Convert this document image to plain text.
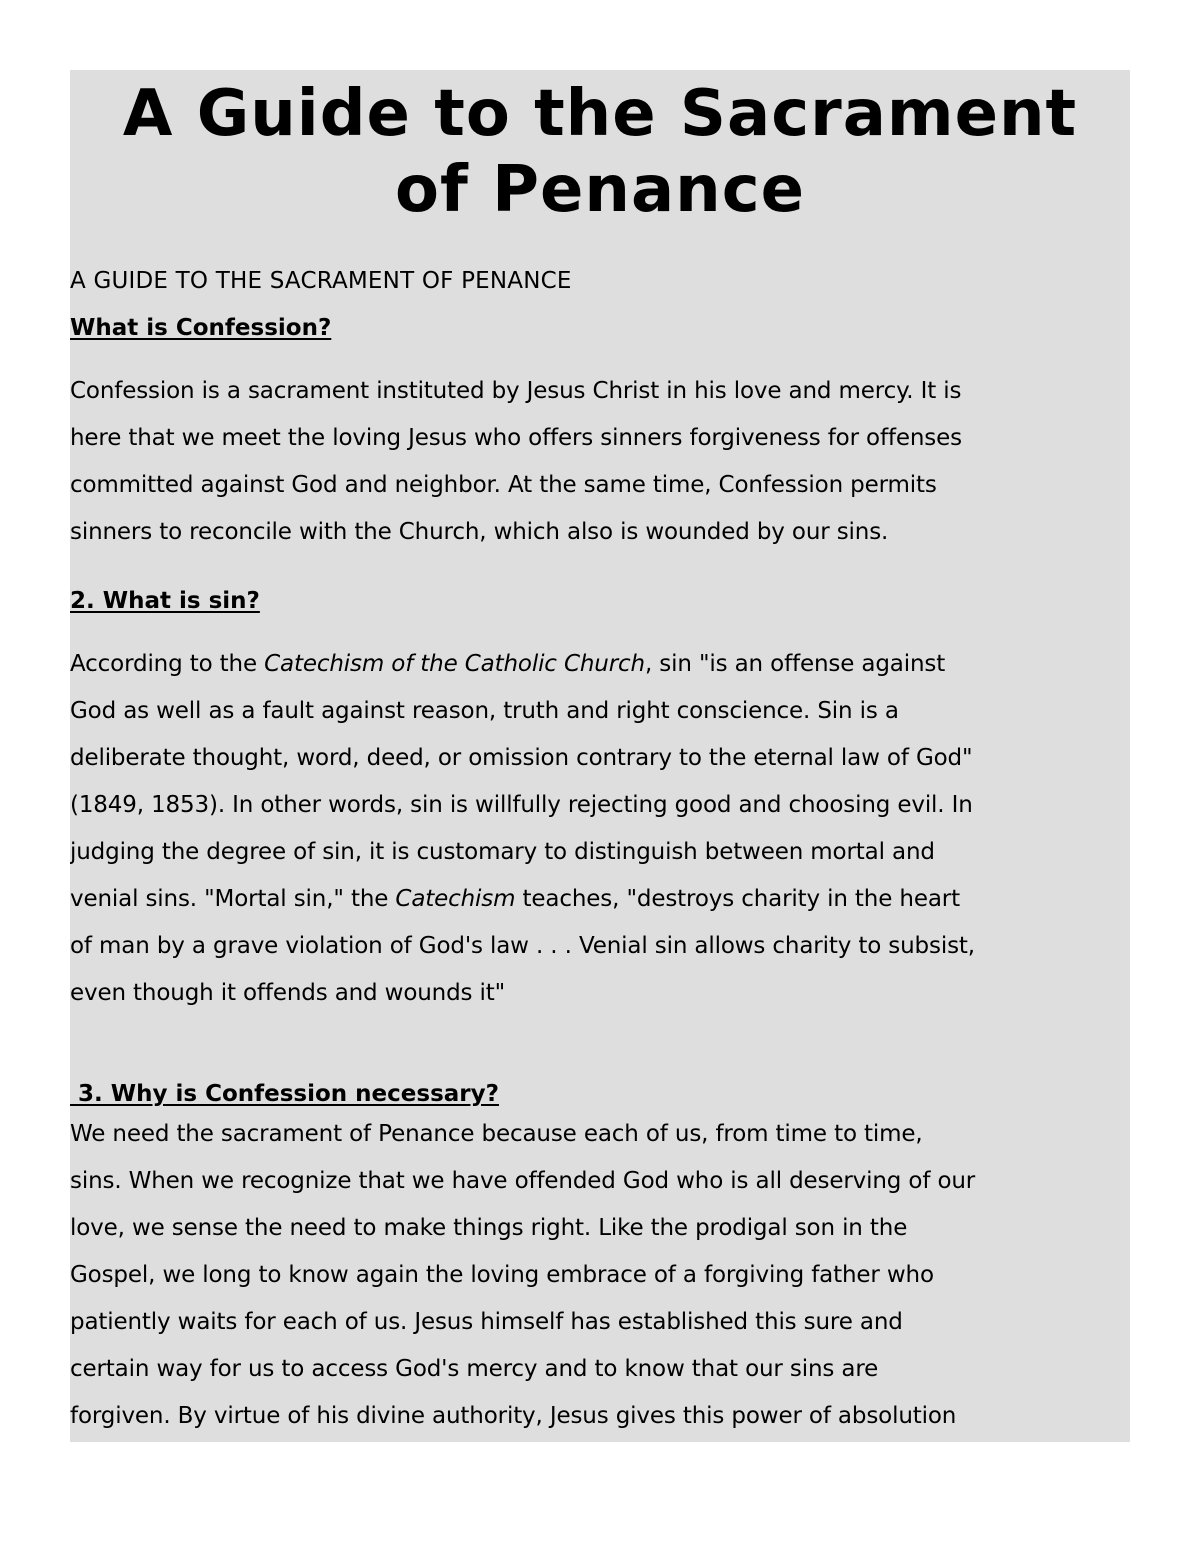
A Guide to the Sacrament
of Penance

A GUIDE TO THE SACRAMENT OF PENANCE

What is Confession?

Confession is a sacrament instituted by Jesus Christ in his love and mercy. It is
here that we meet the loving Jesus who offers sinners forgiveness for offenses
committed against God and neighbor. At the same time, Confession permits
sinners to reconcile with the Church, which also is wounded by our sins.

2. What is sin?

According to the Catechism of the Catholic Church, sin "is an offense against
God as well as a fault against reason, truth and right conscience. Sin is a
deliberate thought, word, deed, or omission contrary to the eternal law of God"
(1849, 1853). In other words, sin is willfully rejecting good and choosing evil. In
judging the degree of sin, it is customary to distinguish between mortal and
venial sins. "Mortal sin," the Catechism teaches, "destroys charity in the heart
of man by a grave violation of God's law . . . Venial sin allows charity to subsist,
even though it offends and wounds it"

3. Why is Confession necessary?

We need the sacrament of Penance because each of us, from time to time,
sins. When we recognize that we have offended God who is all deserving of our
love, we sense the need to make things right. Like the prodigal son in the
Gospel, we long to know again the loving embrace of a forgiving father who
patiently waits for each of us. Jesus himself has established this sure and
certain way for us to access God's mercy and to know that our sins are
forgiven. By virtue of his divine authority, Jesus gives this power of absolution
